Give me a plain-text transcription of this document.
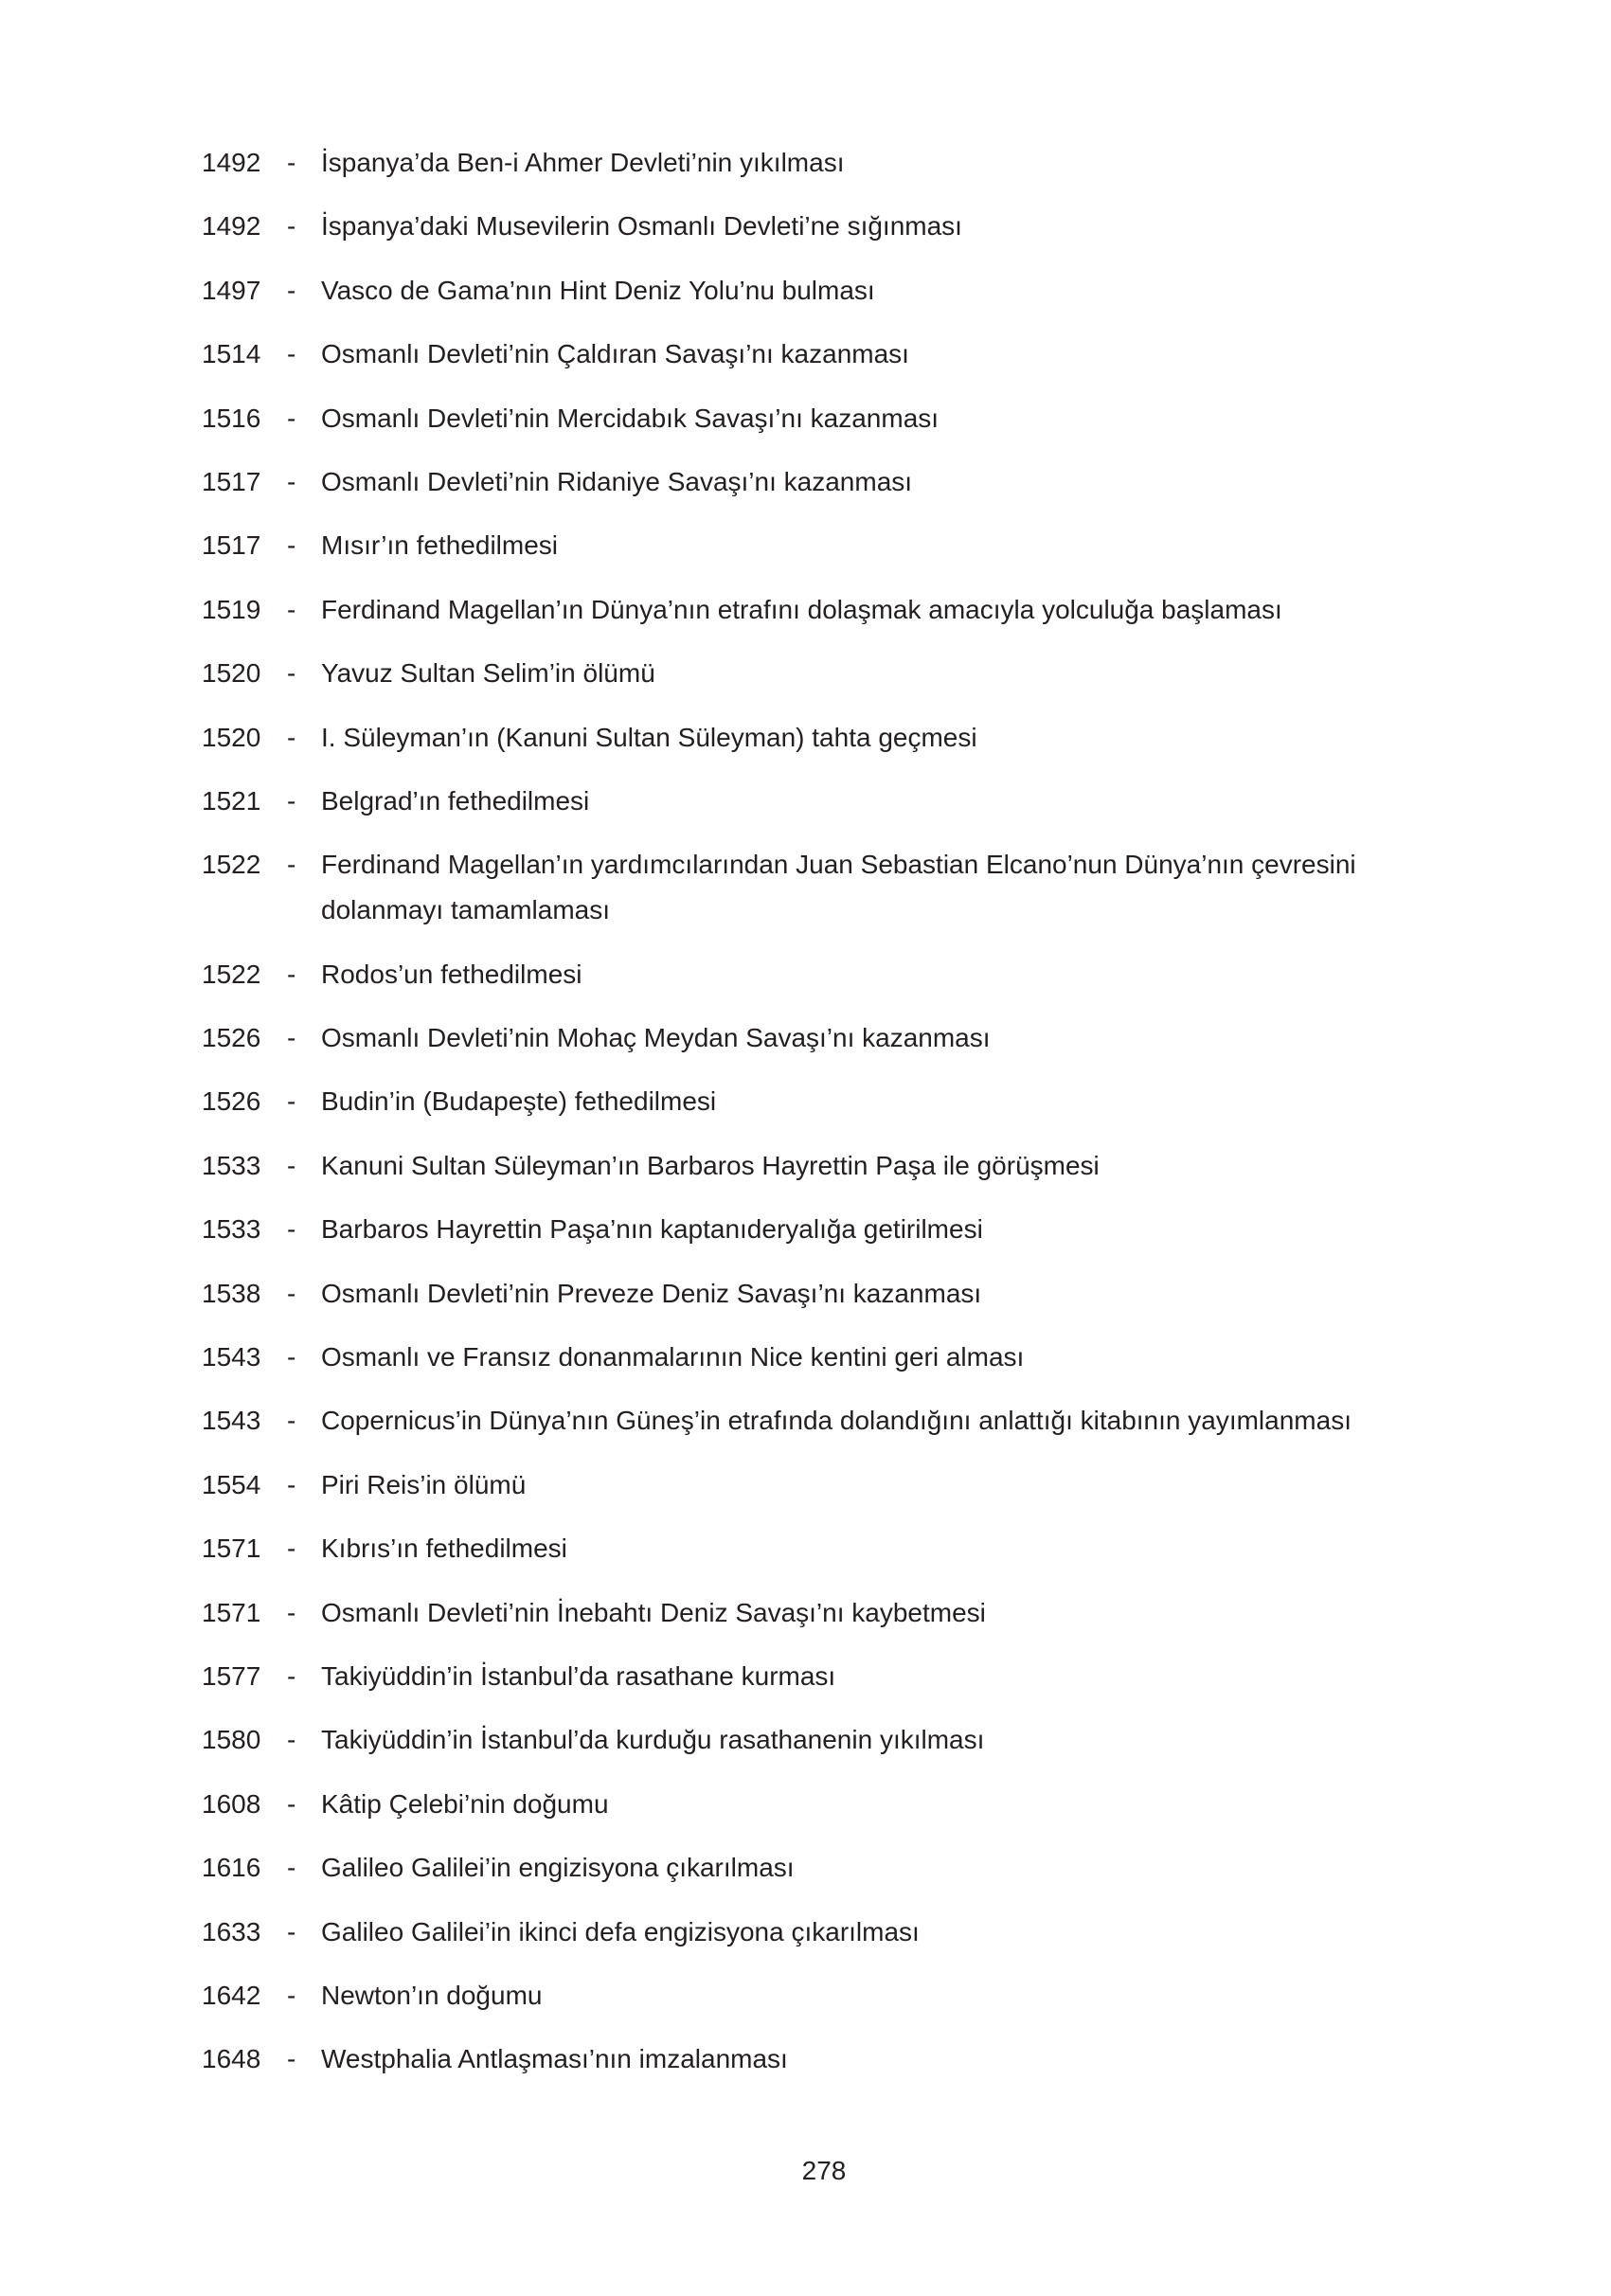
1492 - İspanya’da Ben-i Ahmer Devleti’nin yıkılması
1492 - İspanya’daki Musevilerin Osmanlı Devleti’ne sığınması
1497 - Vasco de Gama’nın Hint Deniz Yolu’nu bulması
1514 - Osmanlı Devleti’nin Çaldıran Savaşı’nı kazanması
1516 - Osmanlı Devleti’nin Mercidabık Savaşı’nı kazanması
1517 - Osmanlı Devleti’nin Ridaniye Savaşı’nı kazanması
1517 - Mısır’ın fethedilmesi
1519 - Ferdinand Magellan’ın Dünya’nın etrafını dolaşmak amacıyla yolculuğa başlaması
1520 - Yavuz Sultan Selim’in ölümü
1520 - I. Süleyman’ın (Kanuni Sultan Süleyman) tahta geçmesi
1521 - Belgrad’ın fethedilmesi
1522 - Ferdinand Magellan’ın yardımcılarından Juan Sebastian Elcano’nun Dünya’nın çevresini
dolanmayı tamamlaması
1522 - Rodos’un fethedilmesi
1526 - Osmanlı Devleti’nin Mohaç Meydan Savaşı’nı kazanması
1526 - Budin’in (Budapeşte) fethedilmesi
1533 - Kanuni Sultan Süleyman’ın Barbaros Hayrettin Paşa ile görüşmesi
1533 - Barbaros Hayrettin Paşa’nın kaptanıderyalığa getirilmesi
1538 - Osmanlı Devleti’nin Preveze Deniz Savaşı’nı kazanması
1543 - Osmanlı ve Fransız donanmalarının Nice kentini geri alması
1543 - Copernicus’in Dünya’nın Güneş’in etrafında dolandığını anlattığı kitabının yayımlanması
1554 - Piri Reis’in ölümü
1571 - Kıbrıs’ın fethedilmesi
1571 - Osmanlı Devleti’nin İnebahtı Deniz Savaşı’nı kaybetmesi
1577 - Takiyüddin’in İstanbul’da rasathane kurması
1580 - Takiyüddin’in İstanbul’da kurduğu rasathanenin yıkılması
1608 - Kâtip Çelebi’nin doğumu
1616 - Galileo Galilei’in engizisyona çıkarılması
1633 - Galileo Galilei’in ikinci defa engizisyona çıkarılması
1642 - Newton’ın doğumu
1648 - Westphalia Antlaşması’nın imzalanması
278
